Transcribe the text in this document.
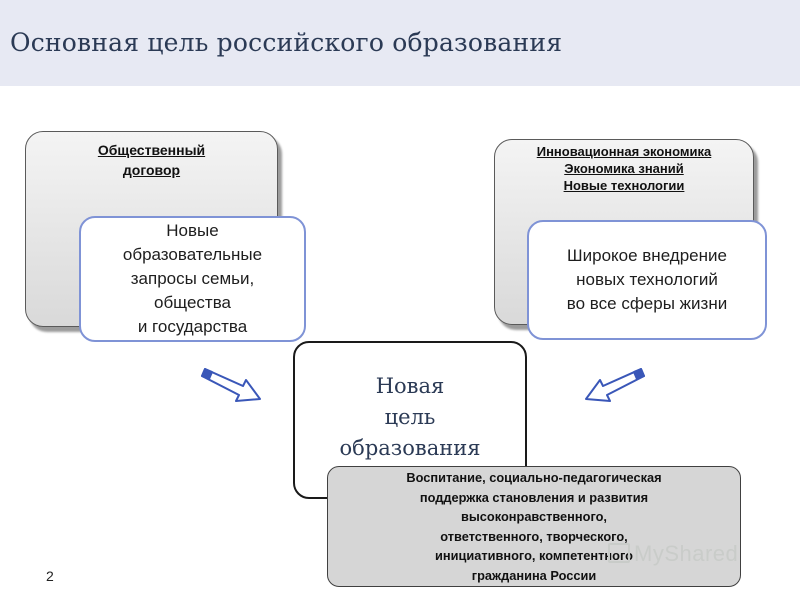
Основная цель российского образования
Общественный
договор
Новые
образовательные
запросы семьи,
общества
и государства
Инновационная экономика
Экономика знаний
Новые технологии
Широкое внедрение
новых технологий
во все сферы жизни
Новая
цель
образования
Воспитание, социально-педагогическая
поддержка становления и развития
высоконравственного,
ответственного, творческого,
инициативного, компетентного
гражданина России
2
MyShared
